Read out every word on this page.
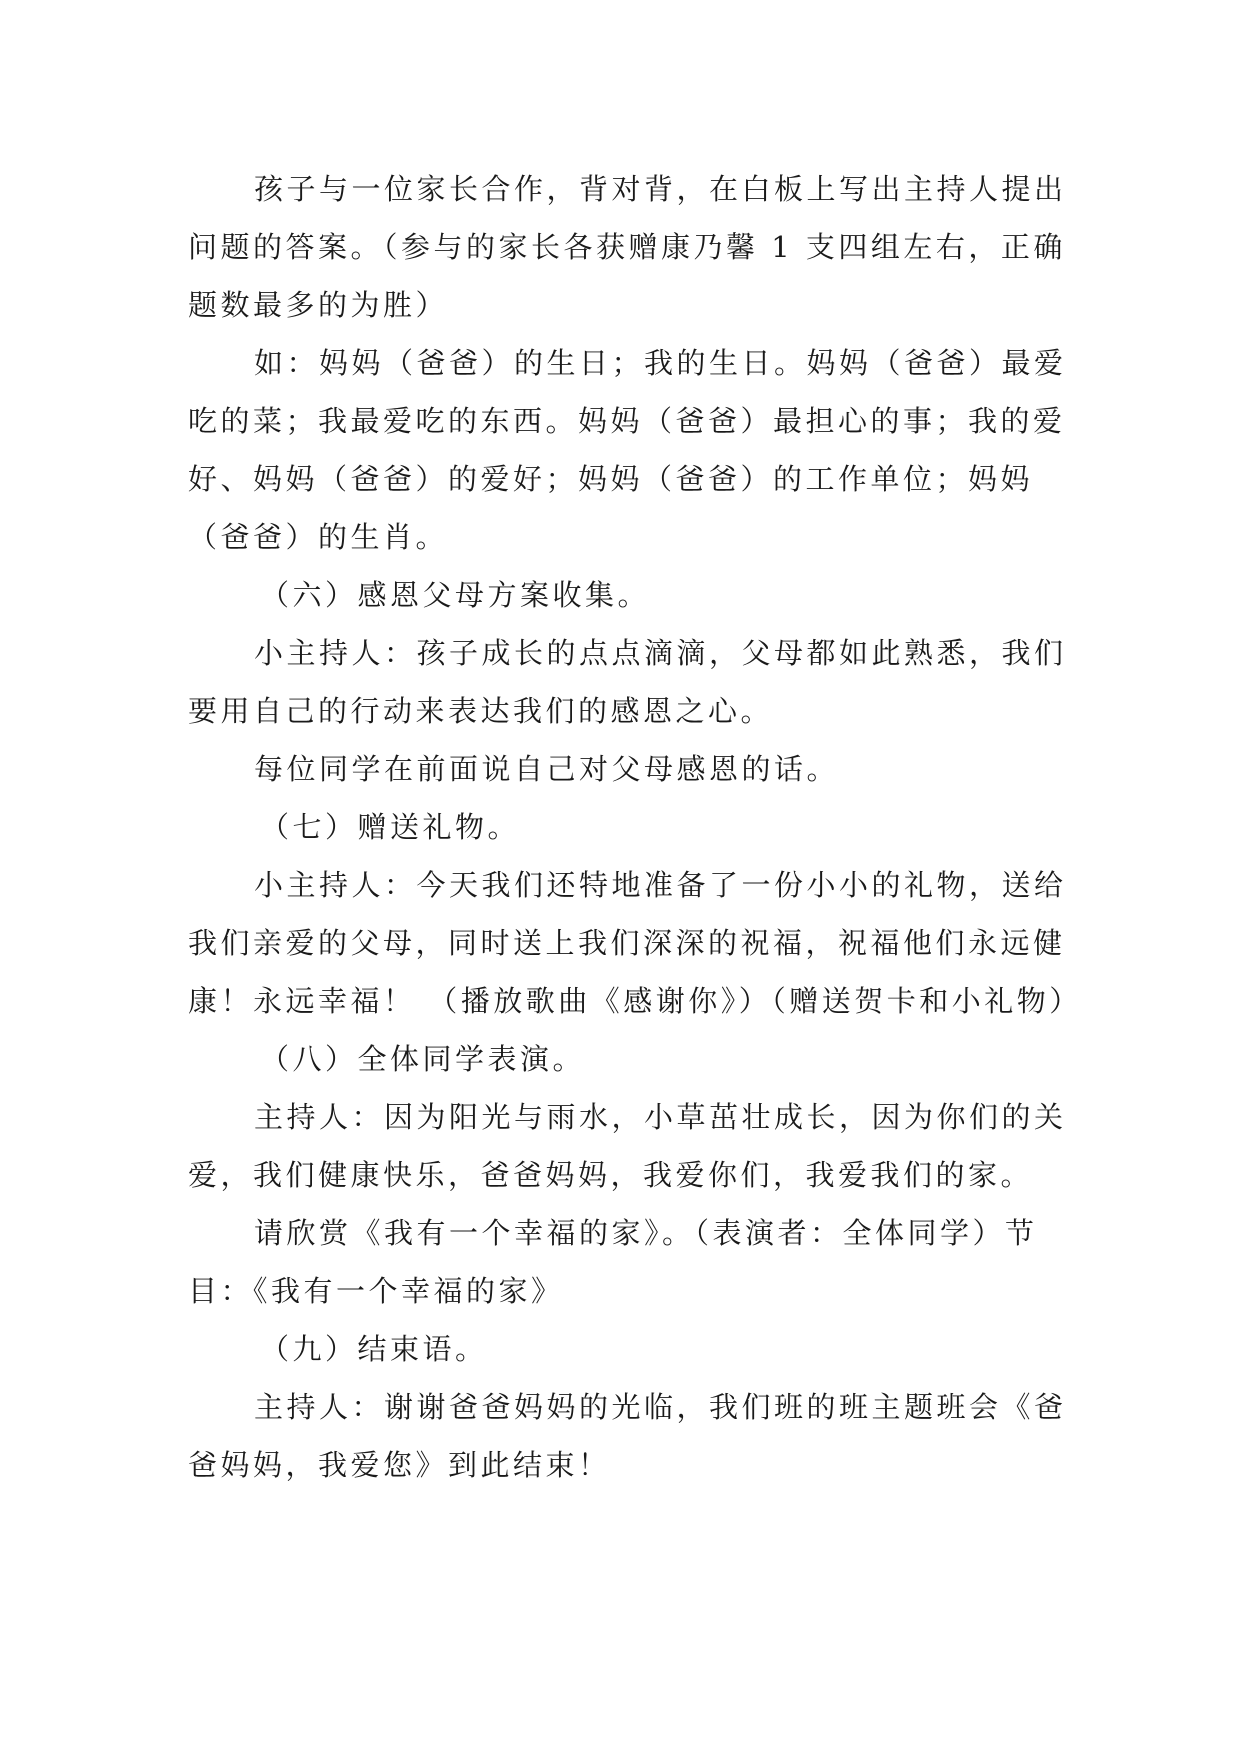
孩子与一位家长合作，背对背，在白板上写出主持人提出问题的答案。（参与的家长各获赠康乃馨 1 支四组左右，正确题数最多的为胜）

如：妈妈（爸爸）的生日；我的生日。妈妈（爸爸）最爱吃的菜；我最爱吃的东西。妈妈（爸爸）最担心的事；我的爱好、妈妈（爸爸）的爱好；妈妈（爸爸）的工作单位；妈妈（爸爸）的生肖。

（六）感恩父母方案收集。

小主持人：孩子成长的点点滴滴，父母都如此熟悉，我们要用自己的行动来表达我们的感恩之心。

每位同学在前面说自己对父母感恩的话。

（七）赠送礼物。

小主持人：今天我们还特地准备了一份小小的礼物，送给我们亲爱的父母，同时送上我们深深的祝福，祝福他们永远健康！永远幸福！ （播放歌曲《感谢你》）（赠送贺卡和小礼物）

（八）全体同学表演。

主持人：因为阳光与雨水，小草茁壮成长，因为你们的关爱，我们健康快乐，爸爸妈妈，我爱你们，我爱我们的家。

请欣赏《我有一个幸福的家》。（表演者：全体同学）节目：《我有一个幸福的家》

（九）结束语。

主持人：谢谢爸爸妈妈的光临，我们班的班主题班会《爸爸妈妈，我爱您》到此结束！
